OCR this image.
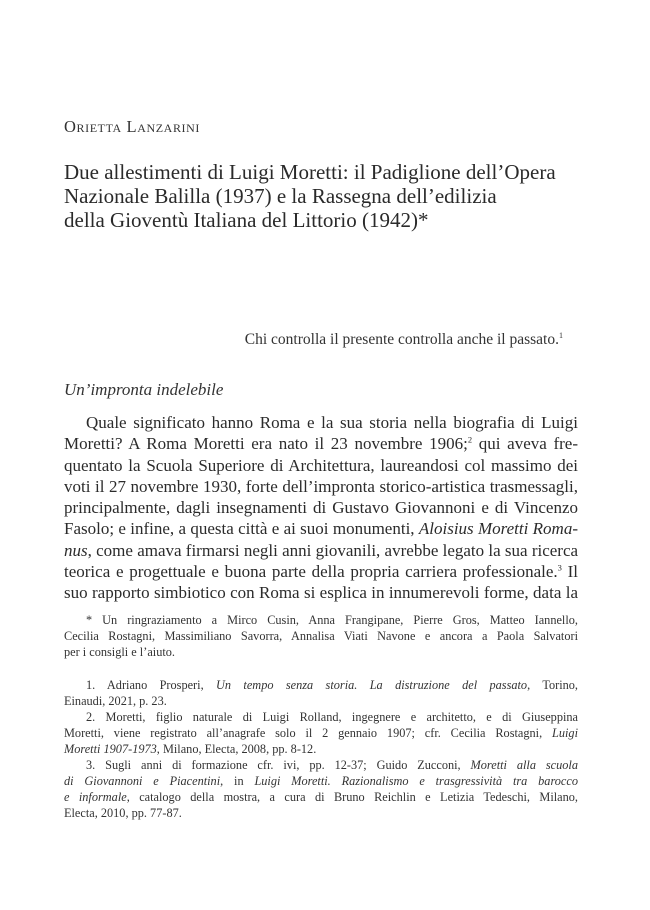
Orietta Lanzarini
Due allestimenti di Luigi Moretti: il Padiglione dell’Opera
Nazionale Balilla (1937) e la Rassegna dell’edilizia
della Gioventù Italiana del Littorio (1942)*
Chi controlla il presente controlla anche il passato.$^1$
Un’impronta indelebile
Quale significato hanno Roma e la sua storia nella biografia di Luigi
Moretti? A Roma Moretti era nato il 23 novembre 1906;$^2$ qui aveva fre-
quentato la Scuola Superiore di Architettura, laureandosi col massimo dei
voti il 27 novembre 1930, forte dell’impronta storico-artistica trasmessagli,
principalmente, dagli insegnamenti di Gustavo Giovannoni e di Vincenzo
Fasolo; e infine, a questa città e ai suoi monumenti, Aloisius Moretti Roma-
nus, come amava firmarsi negli anni giovanili, avrebbe legato la sua ricerca
teorica e progettuale e buona parte della propria carriera professionale.$^3$ Il
suo rapporto simbiotico con Roma si esplica in innumerevoli forme, data la
* Un ringraziamento a Mirco Cusin, Anna Frangipane, Pierre Gros, Matteo Iannello,
Cecilia Rostagni, Massimiliano Savorra, Annalisa Viati Navone e ancora a Paola Salvatori
per i consigli e l’aiuto.
1. Adriano Prosperi, Un tempo senza storia. La distruzione del passato, Torino,
Einaudi, 2021, p. 23.
2. Moretti, figlio naturale di Luigi Rolland, ingegnere e architetto, e di Giuseppina
Moretti, viene registrato all’anagrafe solo il 2 gennaio 1907; cfr. Cecilia Rostagni, Luigi
Moretti 1907-1973, Milano, Electa, 2008, pp. 8-12.
3. Sugli anni di formazione cfr. ivi, pp. 12-37; Guido Zucconi, Moretti alla scuola
di Giovannoni e Piacentini, in Luigi Moretti. Razionalismo e trasgressività tra barocco
e informale, catalogo della mostra, a cura di Bruno Reichlin e Letizia Tedeschi, Milano,
Electa, 2010, pp. 77-87.
